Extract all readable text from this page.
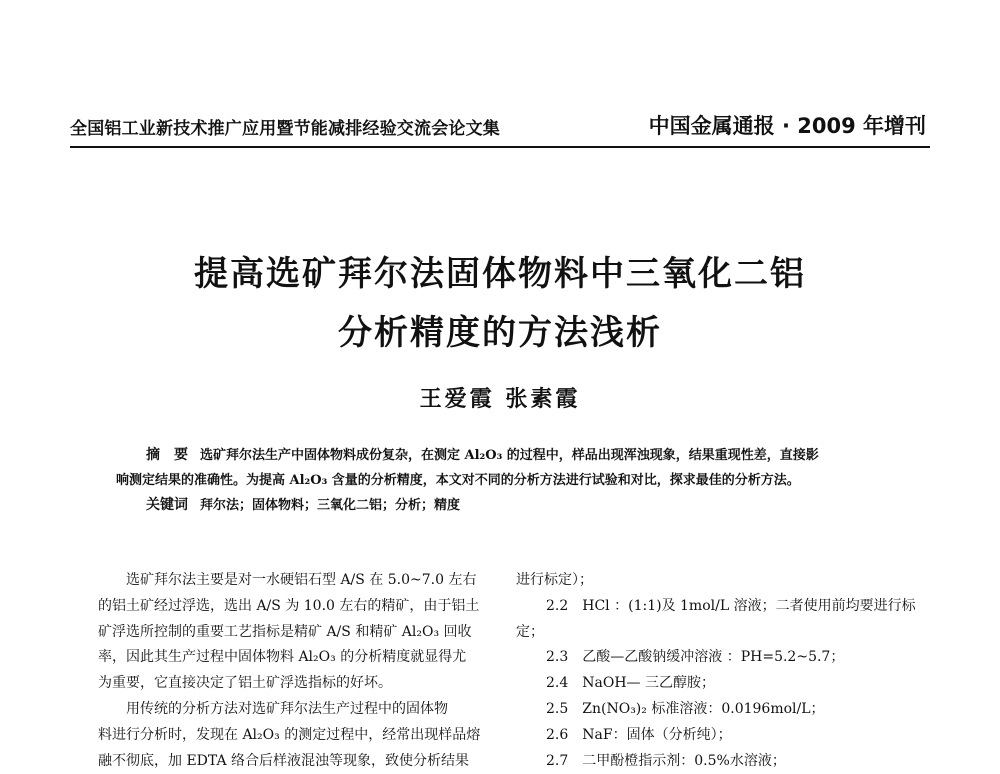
全国铝工业新技术推广应用暨节能减排经验交流会论文集	中国金属通报 · 2009 年增刊
提高选矿拜尔法固体物料中三氧化二铝
分析精度的方法浅析
王爱霞 张素霞
摘　要 选矿拜尔法生产中固体物料成份复杂，在测定 Al₂O₃ 的过程中，样品出现浑浊现象，结果重现性差，直接影
响测定结果的准确性。为提高 Al₂O₃ 含量的分析精度，本文对不同的分析方法进行试验和对比，探求最佳的分析方法。
关键词 拜尔法；固体物料；三氧化二铝；分析；精度
选矿拜尔法主要是对一水硬铝石型 A/S 在 5.0~7.0 左右
的铝土矿经过浮选，选出 A/S 为 10.0 左右的精矿，由于铝土
矿浮选所控制的重要工艺指标是精矿 A/S 和精矿 Al₂O₃ 回收
率，因此其生产过程中固体物料 Al₂O₃ 的分析精度就显得尤
为重要，它直接决定了铝土矿浮选指标的好坏。
用传统的分析方法对选矿拜尔法生产过程中的固体物
料进行分析时，发现在 Al₂O₃ 的测定过程中，经常出现样品熔
融不彻底，加 EDTA 络合后样液混浊等现象，致使分析结果
进行标定）；
2.2　HCl ：(1:1)及 1mol/L 溶液；二者使用前均要进行标
定；
2.3　乙酸—乙酸钠缓冲溶液 ：PH=5.2~5.7；
2.4　NaOH— 三乙醇胺；
2.5　Zn(NO₃)₂ 标准溶液：0.0196mol/L；
2.6　NaF：固体（分析纯）；
2.7　二甲酚橙指示剂：0.5%水溶液；
